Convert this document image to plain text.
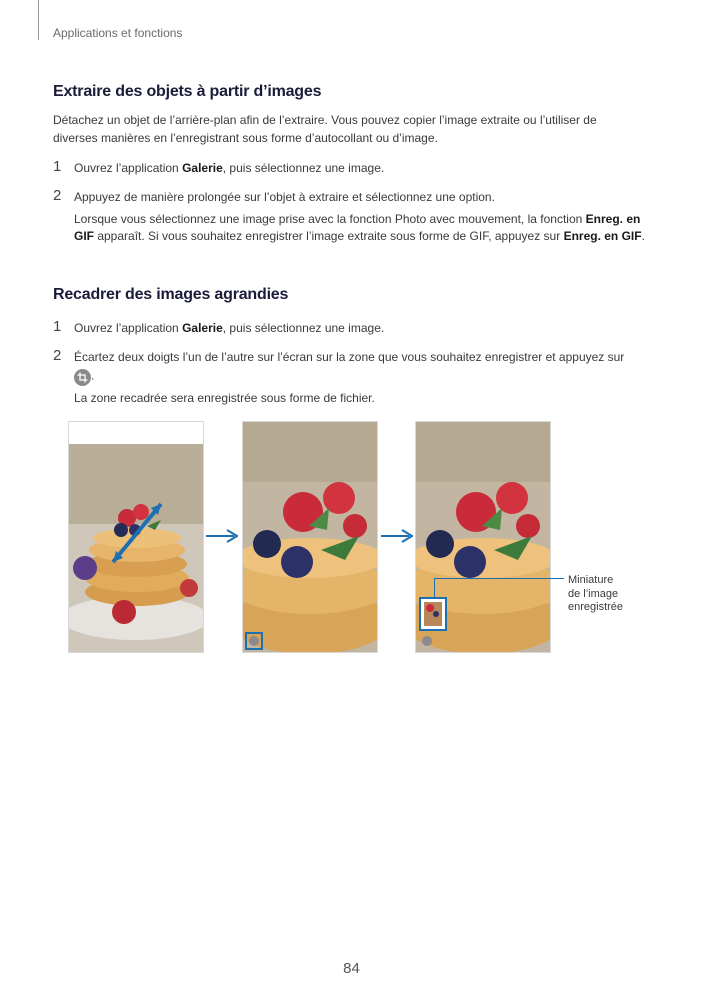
Applications et fonctions
Extraire des objets à partir d’images
Détachez un objet de l’arrière-plan afin de l’extraire. Vous pouvez copier l’image extraite ou l’utiliser de diverses manières en l’enregistrant sous forme d’autocollant ou d’image.
1 Ouvrez l’application Galerie, puis sélectionnez une image.
2 Appuyez de manière prolongée sur l’objet à extraire et sélectionnez une option.
Lorsque vous sélectionnez une image prise avec la fonction Photo avec mouvement, la fonction Enreg. en GIF apparaît. Si vous souhaitez enregistrer l’image extraite sous forme de GIF, appuyez sur Enreg. en GIF.
Recadrer des images agrandies
1 Ouvrez l’application Galerie, puis sélectionnez une image.
2 Écartez deux doigts l’un de l’autre sur l’écran sur la zone que vous souhaitez enregistrer et appuyez sur

.
La zone recadrée sera enregistrée sous forme de fichier.
Miniature
de l’image
enregistrée
84
